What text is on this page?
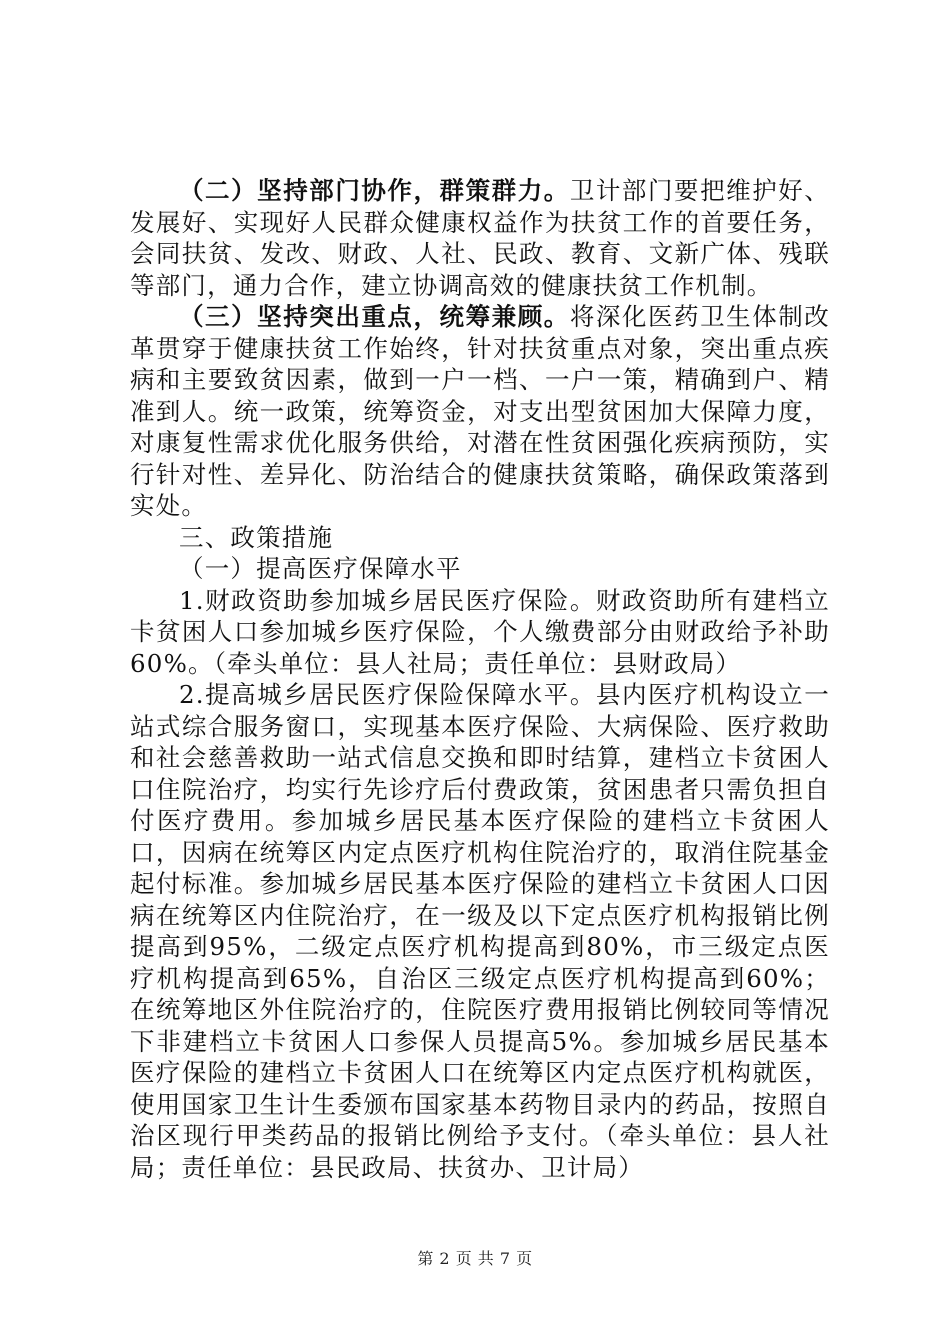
（二）坚持部门协作，群策群力。卫计部门要把维护好、发展好、实现好人民群众健康权益作为扶贫工作的首要任务，会同扶贫、发改、财政、人社、民政、教育、文新广体、残联等部门，通力合作，建立协调高效的健康扶贫工作机制。

（三）坚持突出重点，统筹兼顾。将深化医药卫生体制改革贯穿于健康扶贫工作始终，针对扶贫重点对象，突出重点疾病和主要致贫因素，做到一户一档、一户一策，精确到户、精准到人。统一政策，统筹资金，对支出型贫困加大保障力度，对康复性需求优化服务供给，对潜在性贫困强化疾病预防，实行针对性、差异化、防治结合的健康扶贫策略，确保政策落到实处。

三、政策措施

（一）提高医疗保障水平

1.财政资助参加城乡居民医疗保险。财政资助所有建档立卡贫困人口参加城乡医疗保险，个人缴费部分由财政给予补助60%。（牵头单位：县人社局；责任单位：县财政局）

2.提高城乡居民医疗保险保障水平。县内医疗机构设立一站式综合服务窗口，实现基本医疗保险、大病保险、医疗救助和社会慈善救助一站式信息交换和即时结算，建档立卡贫困人口住院治疗，均实行先诊疗后付费政策，贫困患者只需负担自付医疗费用。参加城乡居民基本医疗保险的建档立卡贫困人口，因病在统筹区内定点医疗机构住院治疗的，取消住院基金起付标准。参加城乡居民基本医疗保险的建档立卡贫困人口因病在统筹区内住院治疗，在一级及以下定点医疗机构报销比例提高到95%，二级定点医疗机构提高到80%，市三级定点医疗机构提高到65%，自治区三级定点医疗机构提高到60%；在统筹地区外住院治疗的，住院医疗费用报销比例较同等情况下非建档立卡贫困人口参保人员提高5%。参加城乡居民基本医疗保险的建档立卡贫困人口在统筹区内定点医疗机构就医，使用国家卫生计生委颁布国家基本药物目录内的药品，按照自治区现行甲类药品的报销比例给予支付。（牵头单位：县人社局；责任单位：县民政局、扶贫办、卫计局）

第 2 页 共 7 页
